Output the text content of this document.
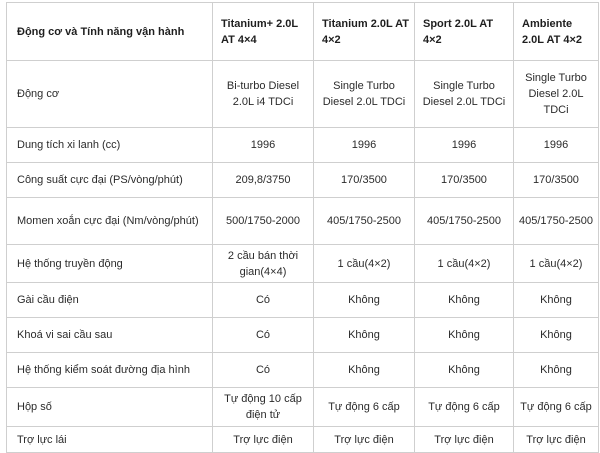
Động cơ và Tính năng vận hành	Titanium+ 2.0L AT 4×4	Titanium 2.0L AT 4×2	Sport 2.0L AT 4×2	Ambiente 2.0L AT 4×2
Động cơ	Bi-turbo Diesel 2.0L i4 TDCi	Single Turbo Diesel 2.0L TDCi	Single Turbo Diesel 2.0L TDCi	Single Turbo Diesel 2.0L TDCi
Dung tích xi lanh (cc)	1996	1996	1996	1996
Công suất cực đại (PS/vòng/phút)	209,8/3750	170/3500	170/3500	170/3500
Momen xoắn cực đại (Nm/vòng/phút)	500/1750-2000	405/1750-2500	405/1750-2500	405/1750-2500
Hệ thống truyền động	2 cầu bán thời gian(4×4)	1 cầu(4×2)	1 cầu(4×2)	1 cầu(4×2)
Gài cầu điện	Có	Không	Không	Không
Khoá vi sai cầu sau	Có	Không	Không	Không
Hệ thống kiểm soát đường địa hình	Có	Không	Không	Không
Hộp số	Tự động 10 cấp điện tử	Tự động 6 cấp	Tự động 6 cấp	Tự động 6 cấp
Trợ lực lái	Trợ lực điện	Trợ lực điện	Trợ lực điện	Trợ lực điện
